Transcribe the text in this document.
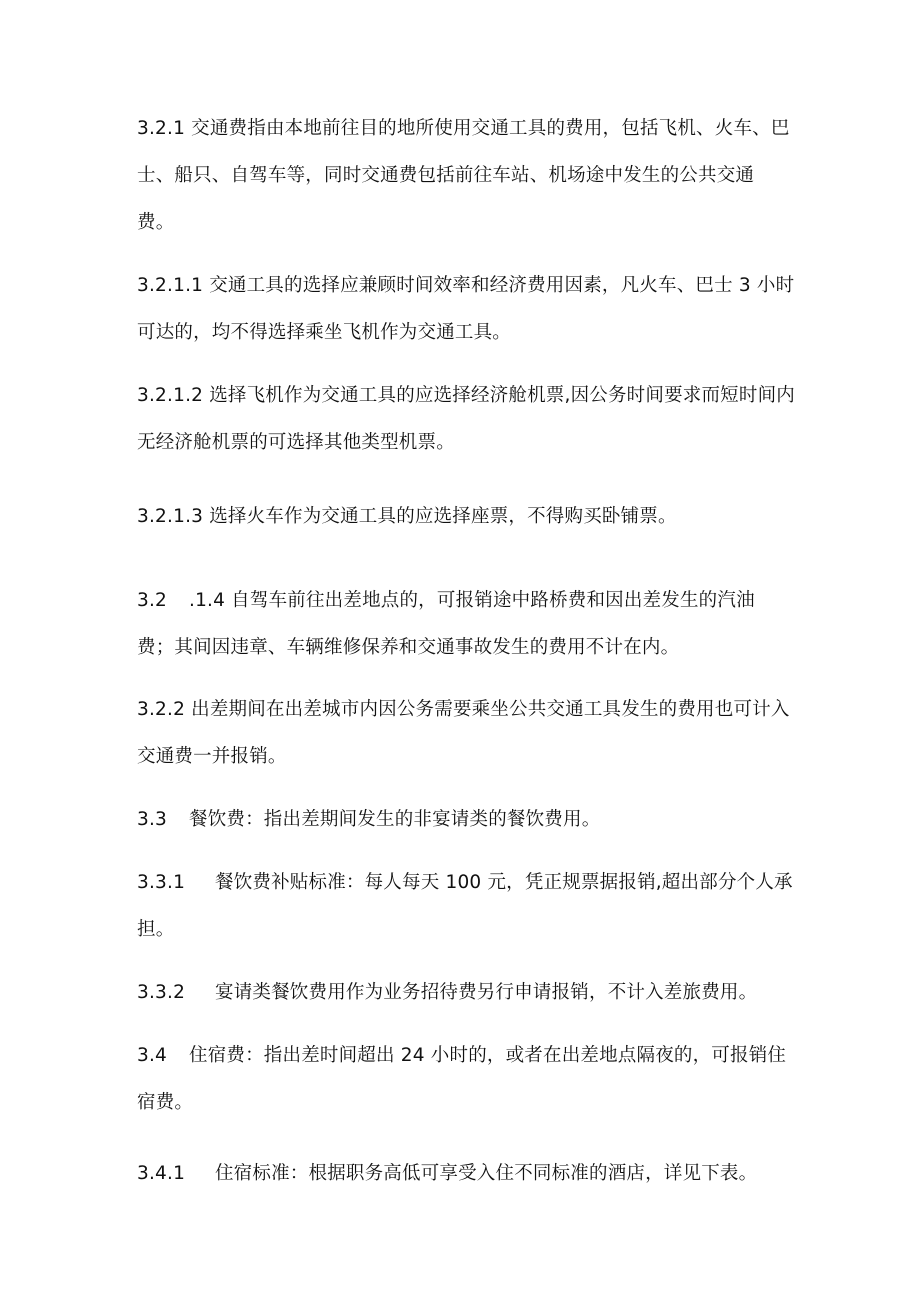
3.2.1 交通费指由本地前往目的地所使用交通工具的费用，包括飞机、火车、巴
士、船只、自驾车等，同时交通费包括前往车站、机场途中发生的公共交通
费。
3.2.1.1 交通工具的选择应兼顾时间效率和经济费用因素，凡火车、巴士 3 小时
可达的，均不得选择乘坐飞机作为交通工具。
3.2.1.2 选择飞机作为交通工具的应选择经济舱机票,因公务时间要求而短时间内
无经济舱机票的可选择其他类型机票。
3.2.1.3 选择火车作为交通工具的应选择座票，不得购买卧铺票。
3.2 .1.4 自驾车前往出差地点的，可报销途中路桥费和因出差发生的汽油
费；其间因违章、车辆维修保养和交通事故发生的费用不计在内。
3.2.2 出差期间在出差城市内因公务需要乘坐公共交通工具发生的费用也可计入
交通费一并报销。
3.3 餐饮费：指出差期间发生的非宴请类的餐饮费用。
3.3.1 餐饮费补贴标准：每人每天 100 元，凭正规票据报销,超出部分个人承
担。
3.3.2 宴请类餐饮费用作为业务招待费另行申请报销，不计入差旅费用。
3.4 住宿费：指出差时间超出 24 小时的，或者在出差地点隔夜的，可报销住
宿费。
3.4.1 住宿标准：根据职务高低可享受入住不同标准的酒店，详见下表。
